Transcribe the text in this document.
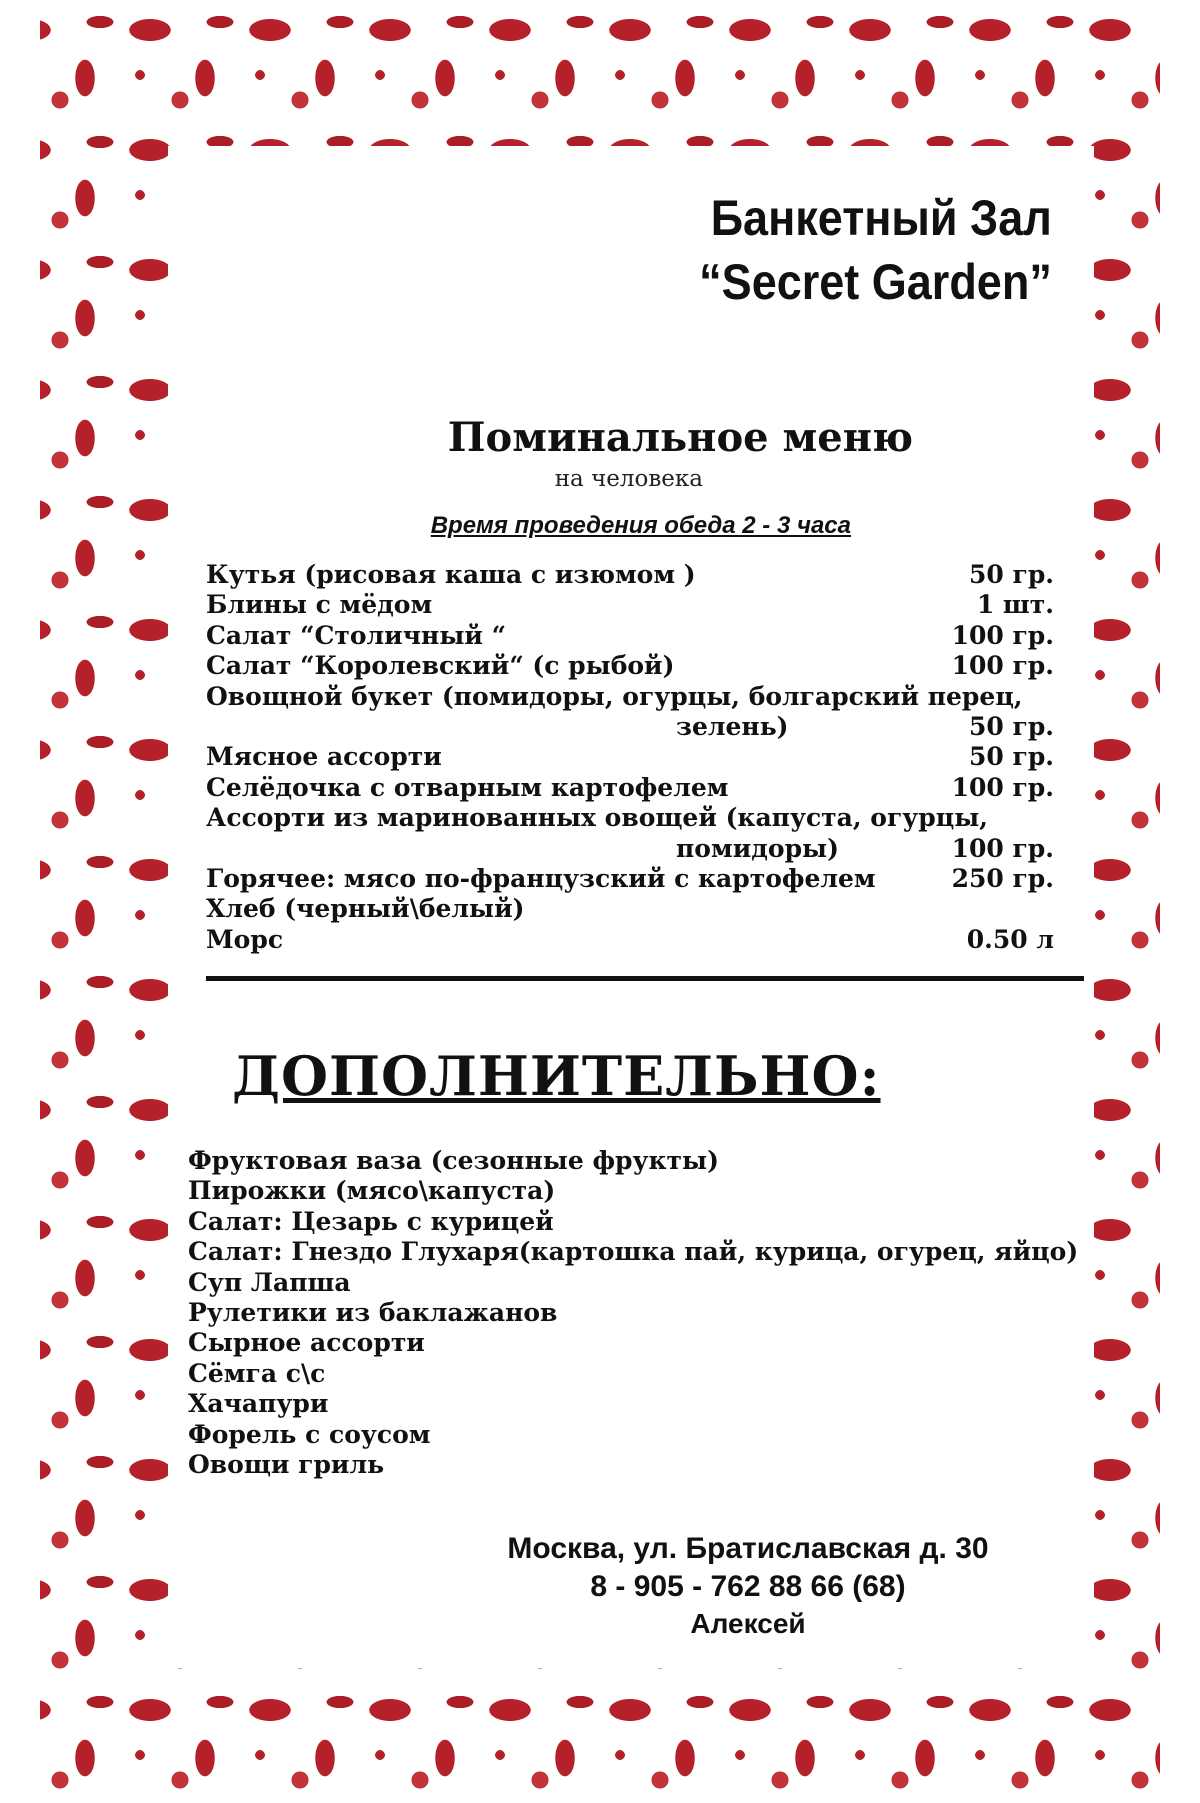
Банкетный Зал
“Secret Garden”
Поминальное меню
на человека
Время проведения обеда 2 - 3 часа
Кутья (рисовая каша с изюмом )	50 гр.
Блины с мёдом	1 шт.
Салат “Столичный “	100 гр.
Салат “Королевский“ (с рыбой)	100 гр.
Овощной букет (помидоры, огурцы, болгарский перец,
зелень)	50 гр.
Мясное ассорти	50 гр.
Селёдочка с отварным картофелем	100 гр.
Ассорти из маринованных овощей (капуста, огурцы,
помидоры)	100 гр.
Горячее: мясо по-французский с картофелем	250 гр.
Хлеб (черный\белый)
Морс	0.50 л
ДОПОЛНИТЕЛЬНО:
Фруктовая ваза (сезонные фрукты)
Пирожки (мясо\капуста)
Салат: Цезарь с курицей
Салат: Гнездо Глухаря(картошка пай, курица, огурец, яйцо)
Суп Лапша
Рулетики из баклажанов
Сырное ассорти
Сёмга с\с
Хачапури
Форель с соусом
Овощи гриль
Москва, ул. Братиславская д. 30
8 - 905 - 762 88 66 (68)
Алексей
